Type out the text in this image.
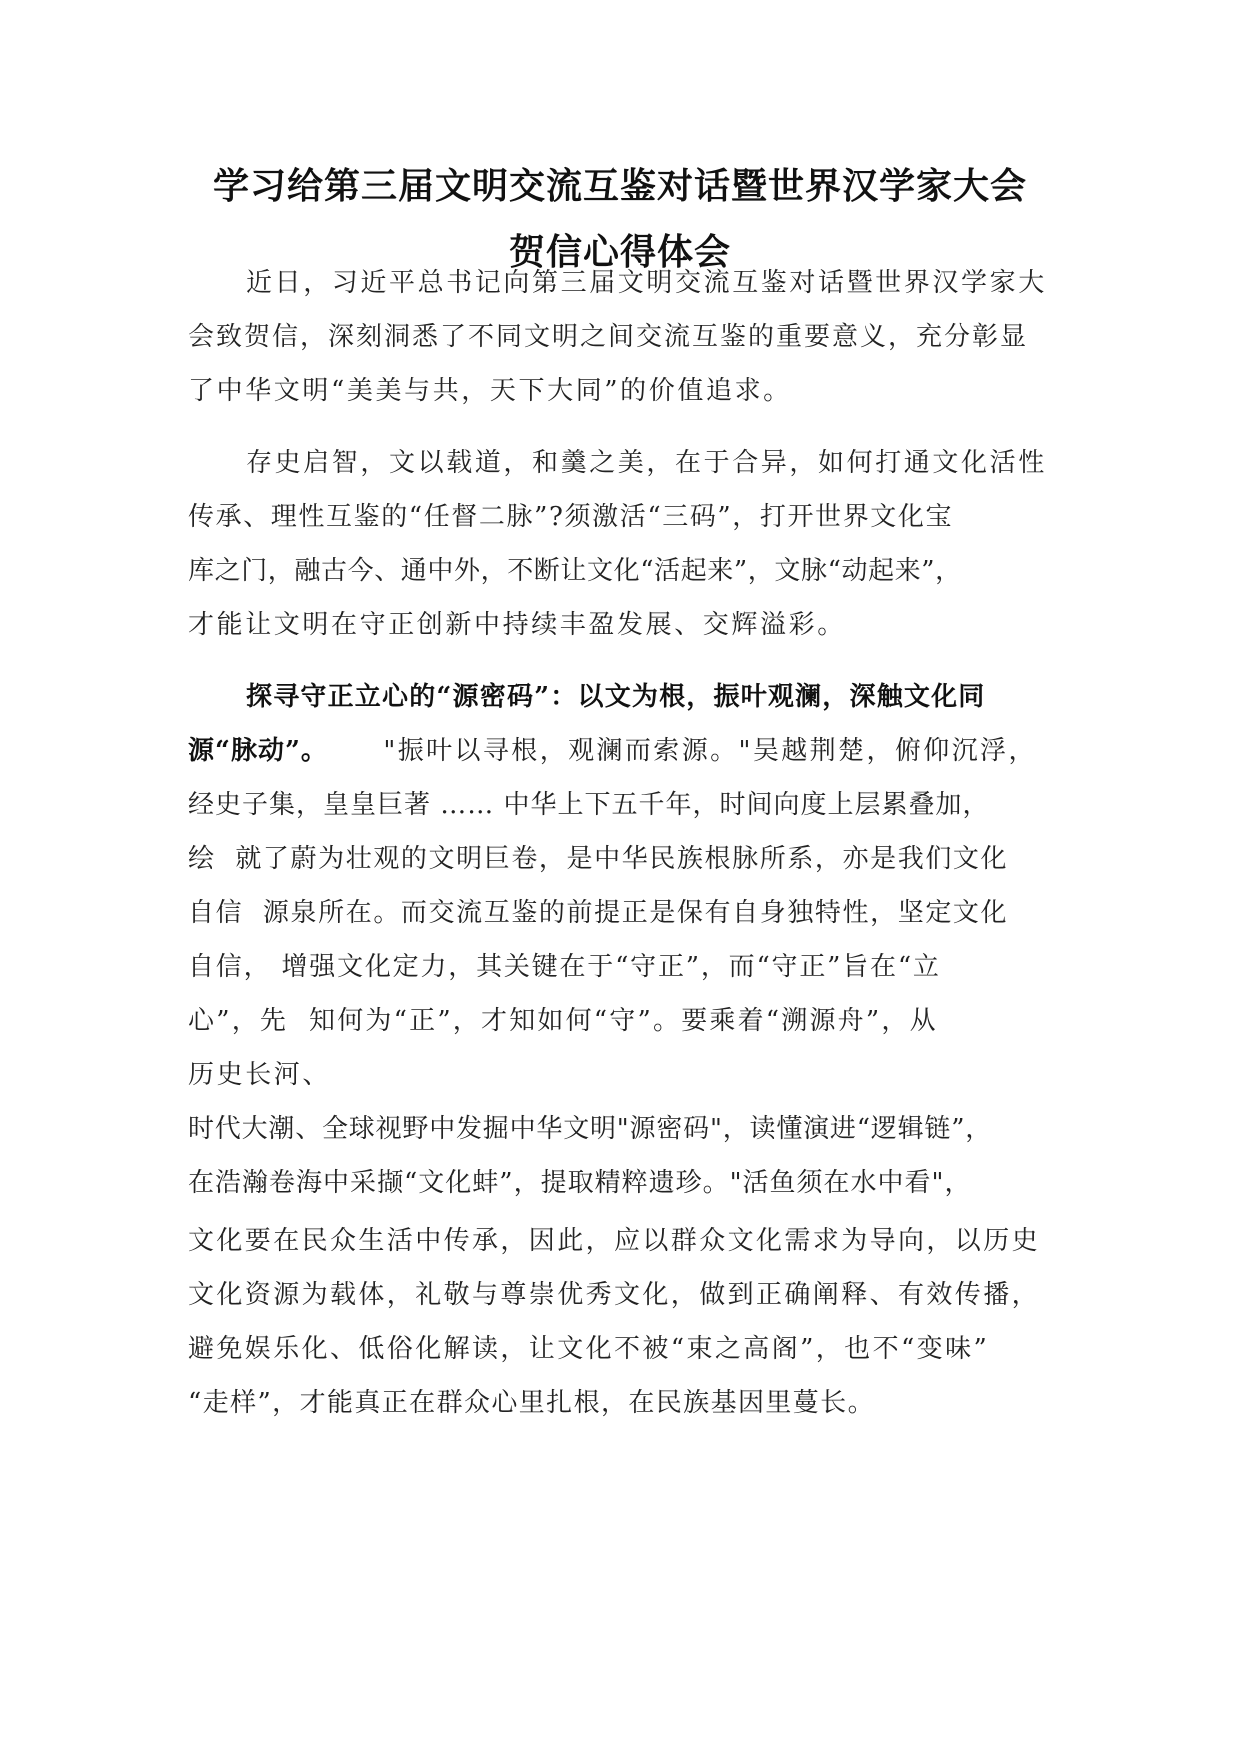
学习给第三届文明交流互鉴对话暨世界汉学家大会
贺信心得体会
近日，习近平总书记向第三届文明交流互鉴对话暨世界汉学家大
会致贺信，深刻洞悉了不同文明之间交流互鉴的重要意义，充分彰显
了中华文明“美美与共，天下大同”的价值追求。
存史启智，文以载道，和羹之美，在于合异，如何打通文化活性
传承、理性互鉴的“任督二脉”?须激活“三码”，打开世界文化宝
库之门，融古今、通中外，不断让文化“活起来”，文脉“动起来”，
才能让文明在守正创新中持续丰盈发展、交辉溢彩。
探寻守正立心的“源密码”：以文为根，振叶观澜，深触文化同
源“脉动”。 "振叶以寻根，观澜而索源。"吴越荆楚，俯仰沉浮，
经史子集，皇皇巨著 …… 中华上下五千年，时间向度上层累叠加，
绘  就了蔚为壮观的文明巨卷，是中华民族根脉所系，亦是我们文化
自信  源泉所在。而交流互鉴的前提正是保有自身独特性，坚定文化
自信， 增强文化定力，其关键在于“守正”，而“守正”旨在“立
心”，先  知何为“正”，才知如何“守”。要乘着“溯源舟”，从
历史长河、
时代大潮、全球视野中发掘中华文明"源密码"，读懂演进“逻辑链”，
在浩瀚卷海中采撷“文化蚌”，提取精粹遗珍。"活鱼须在水中看"，
文化要在民众生活中传承，因此，应以群众文化需求为导向，以历史
文化资源为载体，礼敬与尊崇优秀文化，做到正确阐释、有效传播，
避免娱乐化、低俗化解读，让文化不被“束之高阁”，也不“变味”
“走样”，才能真正在群众心里扎根，在民族基因里蔓长。
